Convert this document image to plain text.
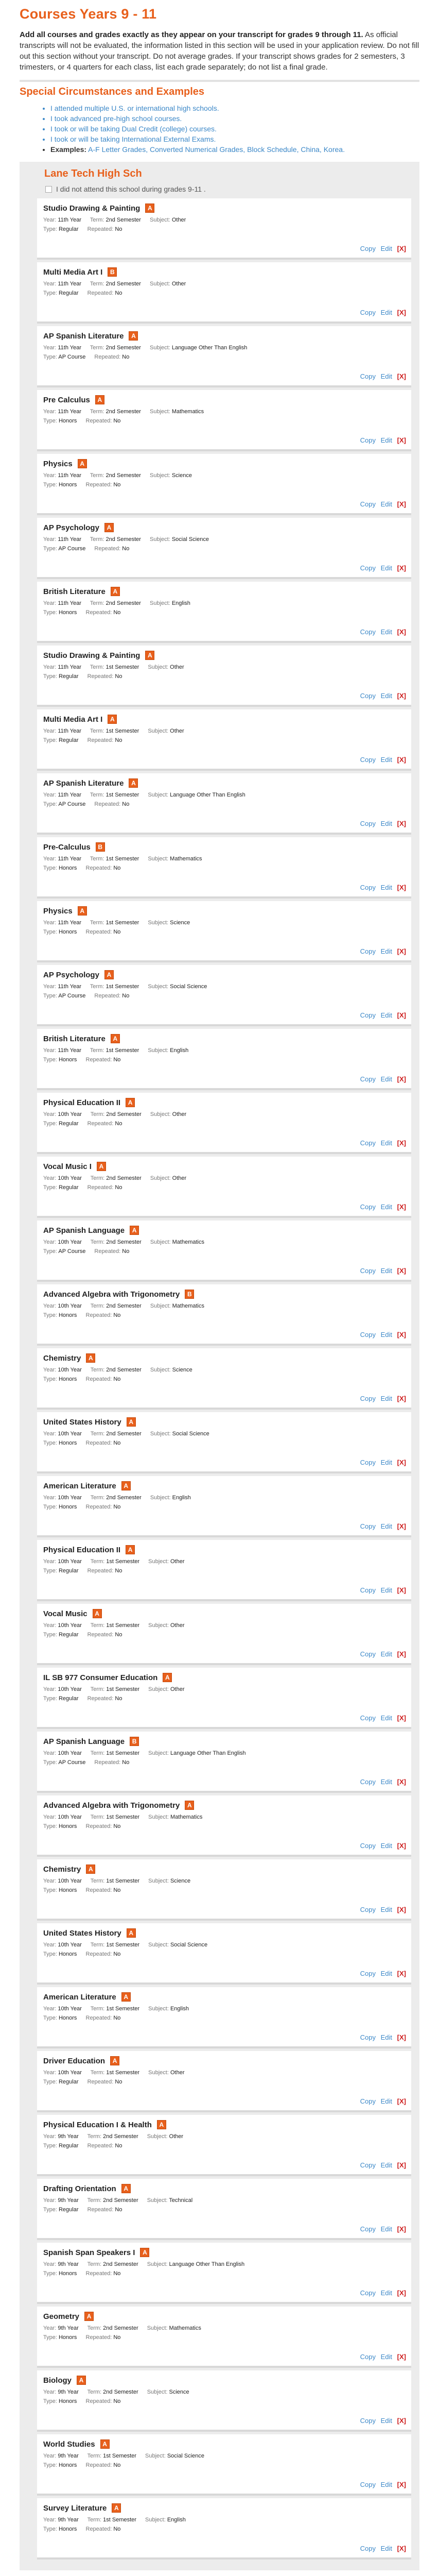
Courses Years 9 - 11

Add all courses and grades exactly as they appear on your transcript for grades 9 through 11. As official transcripts will not be evaluated, the information listed in this section will be used in your application review. Do not fill out this section without your transcript. Do not average grades. If your transcript shows grades for 2 semesters, 3 trimesters, or 4 quarters for each class, list each grade separately; do not list a final grade.

Special Circumstances and Examples
• I attended multiple U.S. or international high schools.
• I took advanced pre-high school courses.
• I took or will be taking Dual Credit (college) courses.
• I took or will be taking International External Exams.
• Examples: A-F Letter Grades, Converted Numerical Grades, Block Schedule, China, Korea.
Lane Tech High Sch
I did not attend this school during grades 9-11 .
Studio Drawing & Painting	A
Year: 11th Year Term: 2nd Semester Subject: Other
Type: Regular Repeated: No
Copy Edit [X]
Multi Media Art I	B
Year: 11th Year Term: 2nd Semester Subject: Other
Type: Regular Repeated: No
Copy Edit [X]
AP Spanish Literature	A
Year: 11th Year Term: 2nd Semester Subject: Language Other Than English
Type: AP Course Repeated: No
Copy Edit [X]
Pre Calculus	A
Year: 11th Year Term: 2nd Semester Subject: Mathematics
Type: Honors Repeated: No
Copy Edit [X]
Physics	A
Year: 11th Year Term: 2nd Semester Subject: Science
Type: Honors Repeated: No
Copy Edit [X]
AP Psychology	A
Year: 11th Year Term: 2nd Semester Subject: Social Science
Type: AP Course Repeated: No
Copy Edit [X]
British Literature	A
Year: 11th Year Term: 2nd Semester Subject: English
Type: Honors Repeated: No
Copy Edit [X]
Studio Drawing & Painting	A
Year: 11th Year Term: 1st Semester Subject: Other
Type: Regular Repeated: No
Copy Edit [X]
Multi Media Art I	A
Year: 11th Year Term: 1st Semester Subject: Other
Type: Regular Repeated: No
Copy Edit [X]
AP Spanish Literature	A
Year: 11th Year Term: 1st Semester Subject: Language Other Than English
Type: AP Course Repeated: No
Copy Edit [X]
Pre-Calculus	B
Year: 11th Year Term: 1st Semester Subject: Mathematics
Type: Honors Repeated: No
Copy Edit [X]
Physics	A
Year: 11th Year Term: 1st Semester Subject: Science
Type: Honors Repeated: No
Copy Edit [X]
AP Psychology	A
Year: 11th Year Term: 1st Semester Subject: Social Science
Type: AP Course Repeated: No
Copy Edit [X]
British Literature	A
Year: 11th Year Term: 1st Semester Subject: English
Type: Honors Repeated: No
Copy Edit [X]
Physical Education II	A
Year: 10th Year Term: 2nd Semester Subject: Other
Type: Regular Repeated: No
Copy Edit [X]
Vocal Music I	A
Year: 10th Year Term: 2nd Semester Subject: Other
Type: Regular Repeated: No
Copy Edit [X]
AP Spanish Language	A
Year: 10th Year Term: 2nd Semester Subject: Mathematics
Type: AP Course Repeated: No
Copy Edit [X]
Advanced Algebra with Trigonometry	B
Year: 10th Year Term: 2nd Semester Subject: Mathematics
Type: Honors Repeated: No
Copy Edit [X]
Chemistry	A
Year: 10th Year Term: 2nd Semester Subject: Science
Type: Honors Repeated: No
Copy Edit [X]
United States History	A
Year: 10th Year Term: 2nd Semester Subject: Social Science
Type: Honors Repeated: No
Copy Edit [X]
American Literature	A
Year: 10th Year Term: 2nd Semester Subject: English
Type: Honors Repeated: No
Copy Edit [X]
Physical Education II	A
Year: 10th Year Term: 1st Semester Subject: Other
Type: Regular Repeated: No
Copy Edit [X]
Vocal Music	A
Year: 10th Year Term: 1st Semester Subject: Other
Type: Regular Repeated: No
Copy Edit [X]
IL SB 977 Consumer Education	A
Year: 10th Year Term: 1st Semester Subject: Other
Type: Regular Repeated: No
Copy Edit [X]
AP Spanish Language	B
Year: 10th Year Term: 1st Semester Subject: Language Other Than English
Type: AP Course Repeated: No
Copy Edit [X]
Advanced Algebra with Trigonometry	A
Year: 10th Year Term: 1st Semester Subject: Mathematics
Type: Honors Repeated: No
Copy Edit [X]
Chemistry	A
Year: 10th Year Term: 1st Semester Subject: Science
Type: Honors Repeated: No
Copy Edit [X]
United States History	A
Year: 10th Year Term: 1st Semester Subject: Social Science
Type: Honors Repeated: No
Copy Edit [X]
American Literature	A
Year: 10th Year Term: 1st Semester Subject: English
Type: Honors Repeated: No
Copy Edit [X]
Driver Education	A
Year: 10th Year Term: 1st Semester Subject: Other
Type: Regular Repeated: No
Copy Edit [X]
Physical Education I & Health	A
Year: 9th Year Term: 2nd Semester Subject: Other
Type: Regular Repeated: No
Copy Edit [X]
Drafting Orientation	A
Year: 9th Year Term: 2nd Semester Subject: Technical
Type: Regular Repeated: No
Copy Edit [X]
Spanish Span Speakers I	A
Year: 9th Year Term: 2nd Semester Subject: Language Other Than English
Type: Honors Repeated: No
Copy Edit [X]
Geometry	A
Year: 9th Year Term: 2nd Semester Subject: Mathematics
Type: Honors Repeated: No
Copy Edit [X]
Biology	A
Year: 9th Year Term: 2nd Semester Subject: Science
Type: Honors Repeated: No
Copy Edit [X]
World Studies	A
Year: 9th Year Term: 1st Semester Subject: Social Science
Type: Honors Repeated: No
Copy Edit [X]
Survey Literature	A
Year: 9th Year Term: 1st Semester Subject: English
Type: Honors Repeated: No
Copy Edit [X]
